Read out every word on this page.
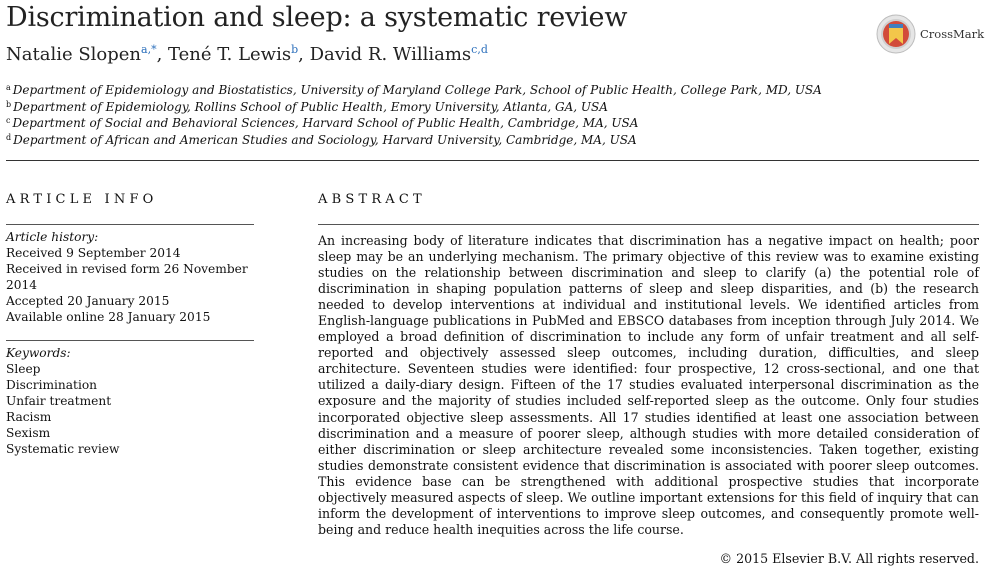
Discrimination and sleep: a systematic review
Natalie Slopen$^{a,*}$, Tené T. Lewis$^b$, David R. Williams$^{c,d}$
CrossMark
$^a$ Department of Epidemiology and Biostatistics, University of Maryland College Park, School of Public Health, College Park, MD, USA
$^b$ Department of Epidemiology, Rollins School of Public Health, Emory University, Atlanta, GA, USA
$^c$ Department of Social and Behavioral Sciences, Harvard School of Public Health, Cambridge, MA, USA
$^d$ Department of African and American Studies and Sociology, Harvard University, Cambridge, MA, USA
ARTICLE INFO
Article history:
Received 9 September 2014
Received in revised form 26 November
2014
Accepted 20 January 2015
Available online 28 January 2015
Keywords:
Sleep
Discrimination
Unfair treatment
Racism
Sexism
Systematic review
ABSTRACT
An increasing body of literature indicates that discrimination has a negative impact on health; poor sleep may be an underlying mechanism. The primary objective of this review was to examine existing studies on the relationship between discrimination and sleep to clarify (a) the potential role of discrimination in shaping population patterns of sleep and sleep disparities, and (b) the research needed to develop interventions at individual and institutional levels. We identified articles from English-language publications in PubMed and EBSCO databases from inception through July 2014. We employed a broad definition of discrimination to include any form of unfair treatment and all self-reported and objectively assessed sleep outcomes, including duration, difficulties, and sleep architecture. Seventeen studies were identified: four prospective, 12 cross-sectional, and one that utilized a daily-diary design. Fifteen of the 17 studies evaluated interpersonal discrimination as the exposure and the majority of studies included self-reported sleep as the outcome. Only four studies incorporated objective sleep assessments. All 17 studies identified at least one association between discrimination and a measure of poorer sleep, although studies with more detailed consideration of either discrimination or sleep architecture revealed some inconsistencies. Taken together, existing studies demonstrate consistent evidence that discrimination is associated with poorer sleep outcomes. This evidence base can be strengthened with additional prospective studies that incorporate objectively measured aspects of sleep. We outline important extensions for this field of inquiry that can inform the development of interventions to improve sleep outcomes, and consequently promote well-being and reduce health inequities across the life course.
© 2015 Elsevier B.V. All rights reserved.
